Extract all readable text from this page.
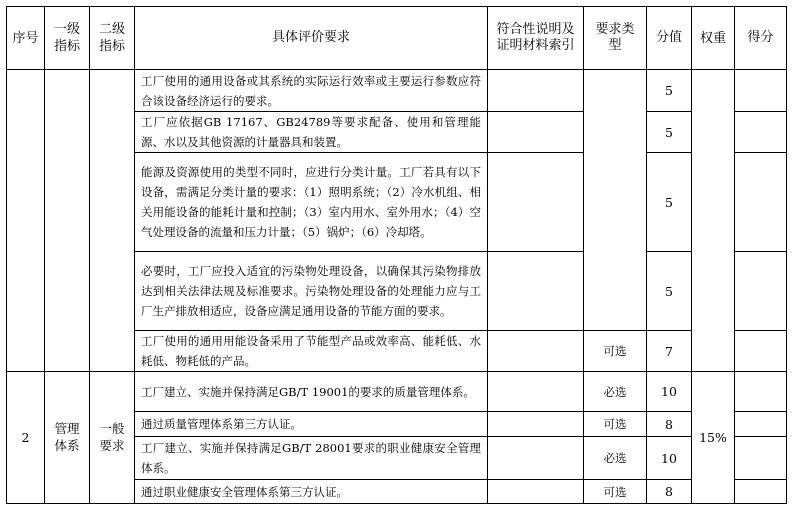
序号	一级指标	二级指标	具体评价要求	符合性说明及证明材料索引	要求类型	分值	权重	得分
			工厂使用的通用设备或其系统的实际运行效率或主要运行参数应符合该设备经济运行的要求。			5		
			工厂应依据GB 17167、GB24789等要求配备、使用和管理能源、水以及其他资源的计量器具和装置。			5		
			能源及资源使用的类型不同时，应进行分类计量。工厂若具有以下设备，需满足分类计量的要求：（1）照明系统；（2）冷水机组、相关用能设备的能耗计量和控制；（3）室内用水、室外用水；（4）空气处理设备的流量和压力计量；（5）锅炉；（6）冷却塔。			5		
			必要时，工厂应投入适宜的污染物处理设备，以确保其污染物排放达到相关法律法规及标准要求。污染物处理设备的处理能力应与工厂生产排放相适应，设备应满足通用设备的节能方面的要求。			5		
			工厂使用的通用用能设备采用了节能型产品或效率高、能耗低、水耗低、物耗低的产品。		可选	7		
2	管理体系	一般要求	工厂建立、实施并保持满足GB/T 19001的要求的质量管理体系。		必选	10	15%	
			通过质量管理体系第三方认证。		可选	8		
			工厂建立、实施并保持满足GB/T 28001要求的职业健康安全管理体系。		必选	10		
			通过职业健康安全管理体系第三方认证。		可选	8		
